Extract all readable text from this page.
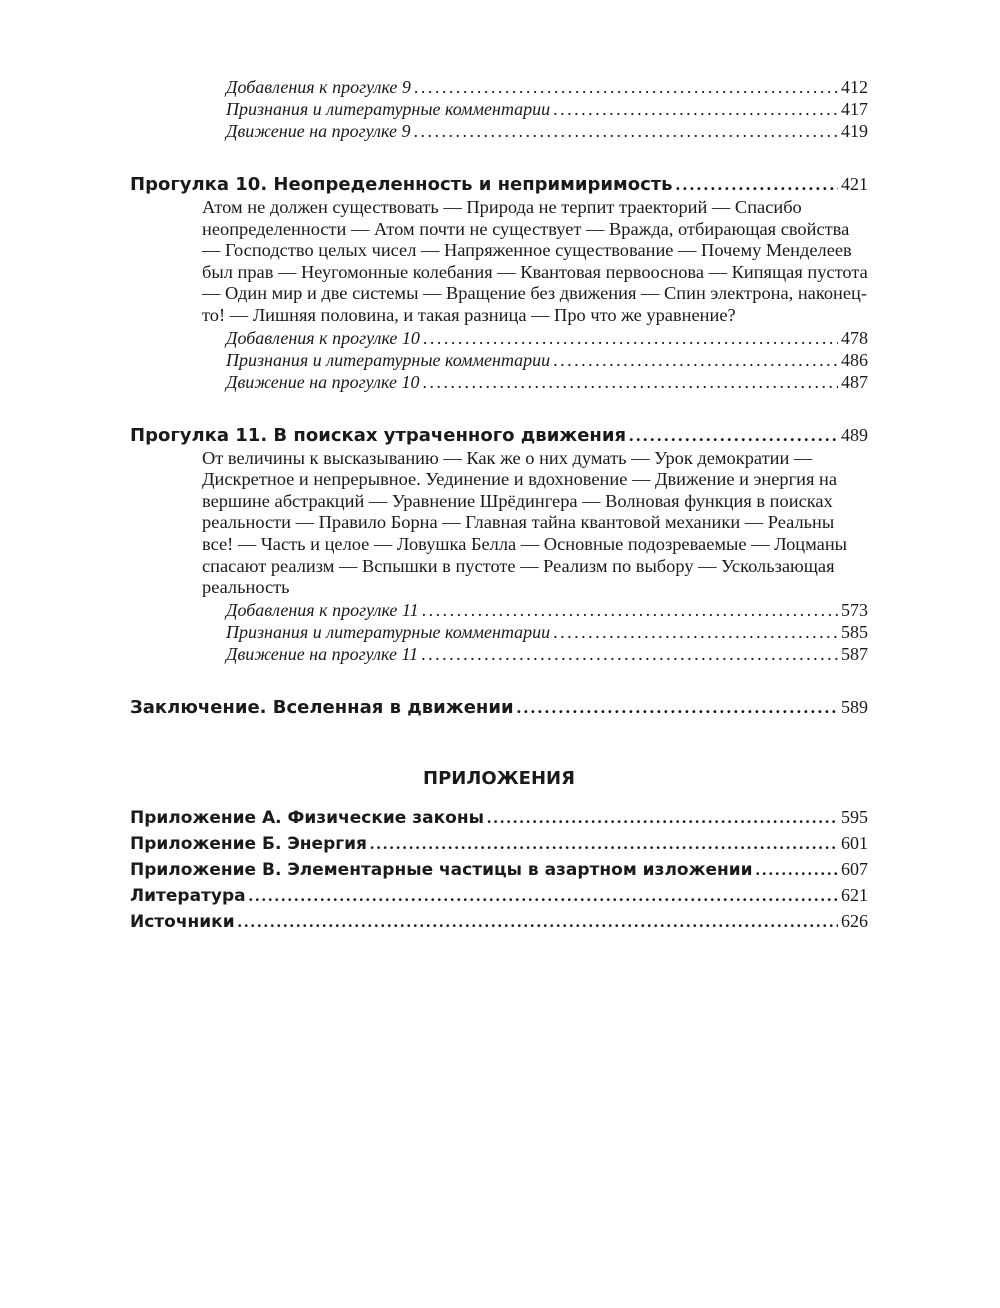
Добавления к прогулке 9 . . .	412
Признания и литературные комментарии . . .	417
Движение на прогулке 9 . . .	419
Прогулка 10. Неопределенность и непримиримость . . .	421

Атом не должен существовать — Природа не терпит траекторий — Спасибо неопределенности — Атом почти не существует — Вражда, отбирающая свойства — Господство целых чисел — Напряженное существование — Почему Менделеев был прав — Неугомонные колебания — Квантовая первооснова — Кипящая пустота — Один мир и две системы — Вращение без движения — Спин электрона, наконец-то! — Лишняя половина, и такая разница — Про что же уравнение?

Добавления к прогулке 10 . . .	478
Признания и литературные комментарии . . .	486
Движение на прогулке 10 . . .	487
Прогулка 11. В поисках утраченного движения . . .	489

От величины к высказыванию — Как же о них думать — Урок демократии — Дискретное и непрерывное. Уединение и вдохновение — Движение и энергия на вершине абстракций — Уравнение Шрёдингера — Волновая функция в поисках реальности — Правило Борна — Главная тайна квантовой механики — Реальны все! — Часть и целое — Ловушка Белла — Основные подозреваемые — Лоцманы спасают реализм — Вспышки в пустоте — Реализм по выбору — Ускользающая реальность

Добавления к прогулке 11 . . .	573
Признания и литературные комментарии . . .	585
Движение на прогулке 11 . . .	587
Заключение. Вселенная в движении . . .	589
ПРИЛОЖЕНИЯ
Приложение А. Физические законы . . .	595
Приложение Б. Энергия . . .	601
Приложение В. Элементарные частицы в азартном изложении . . .	607
Литература . . .	621
Источники . . .	626
